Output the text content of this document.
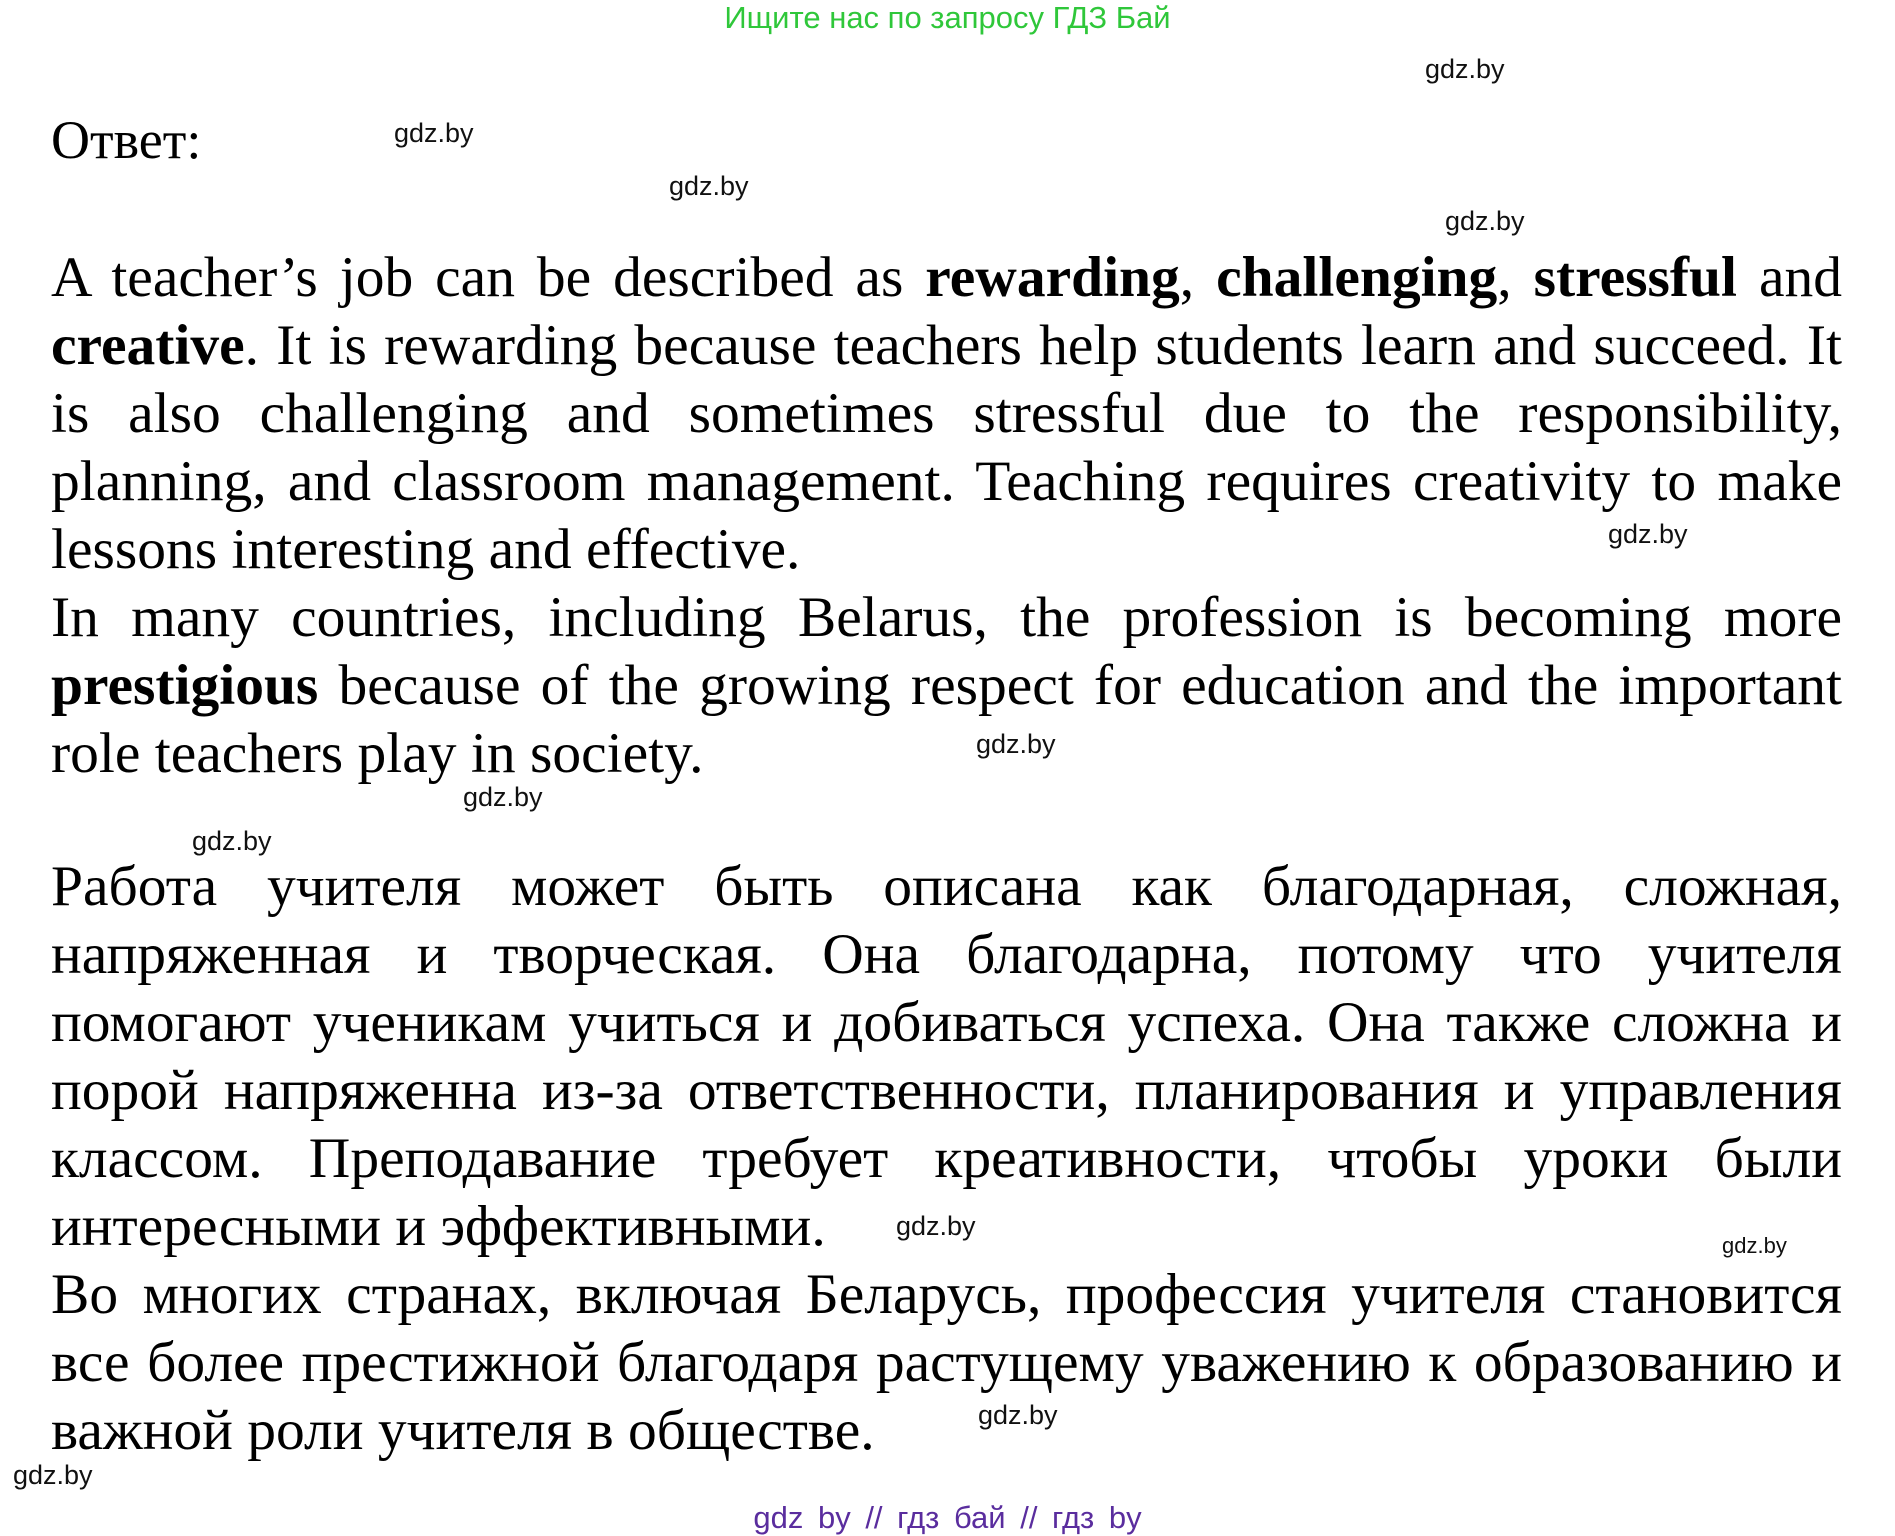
Ищите нас по запросу ГДЗ Бай
Ответ:

A teacher’s job can be described as rewarding, challenging, stressful and creative. It is rewarding because teachers help students learn and succeed. It is also challenging and sometimes stressful due to the responsibility, planning, and classroom management. Teaching requires creativity to make lessons interesting and effective.

In many countries, including Belarus, the profession is becoming more prestigious because of the growing respect for education and the important role teachers play in society.

Работа учителя может быть описана как благодарная, сложная, напряженная и творческая. Она благодарна, потому что учителя помогают ученикам учиться и добиваться успеха. Она также сложна и порой напряженна из-за ответственности, планирования и управления классом. Преподавание требует креативности, чтобы уроки были интересными и эффективными.

Во многих странах, включая Беларусь, профессия учителя становится все более престижной благодаря растущему уважению к образованию и важной роли учителя в обществе.

gdz.by
gdz.by
gdz.by
gdz.by
gdz.by
gdz.by
gdz.by
gdz.by
gdz.by
gdz.by
gdz.by
gdz.by
gdz by // гдз бай // гдз by
